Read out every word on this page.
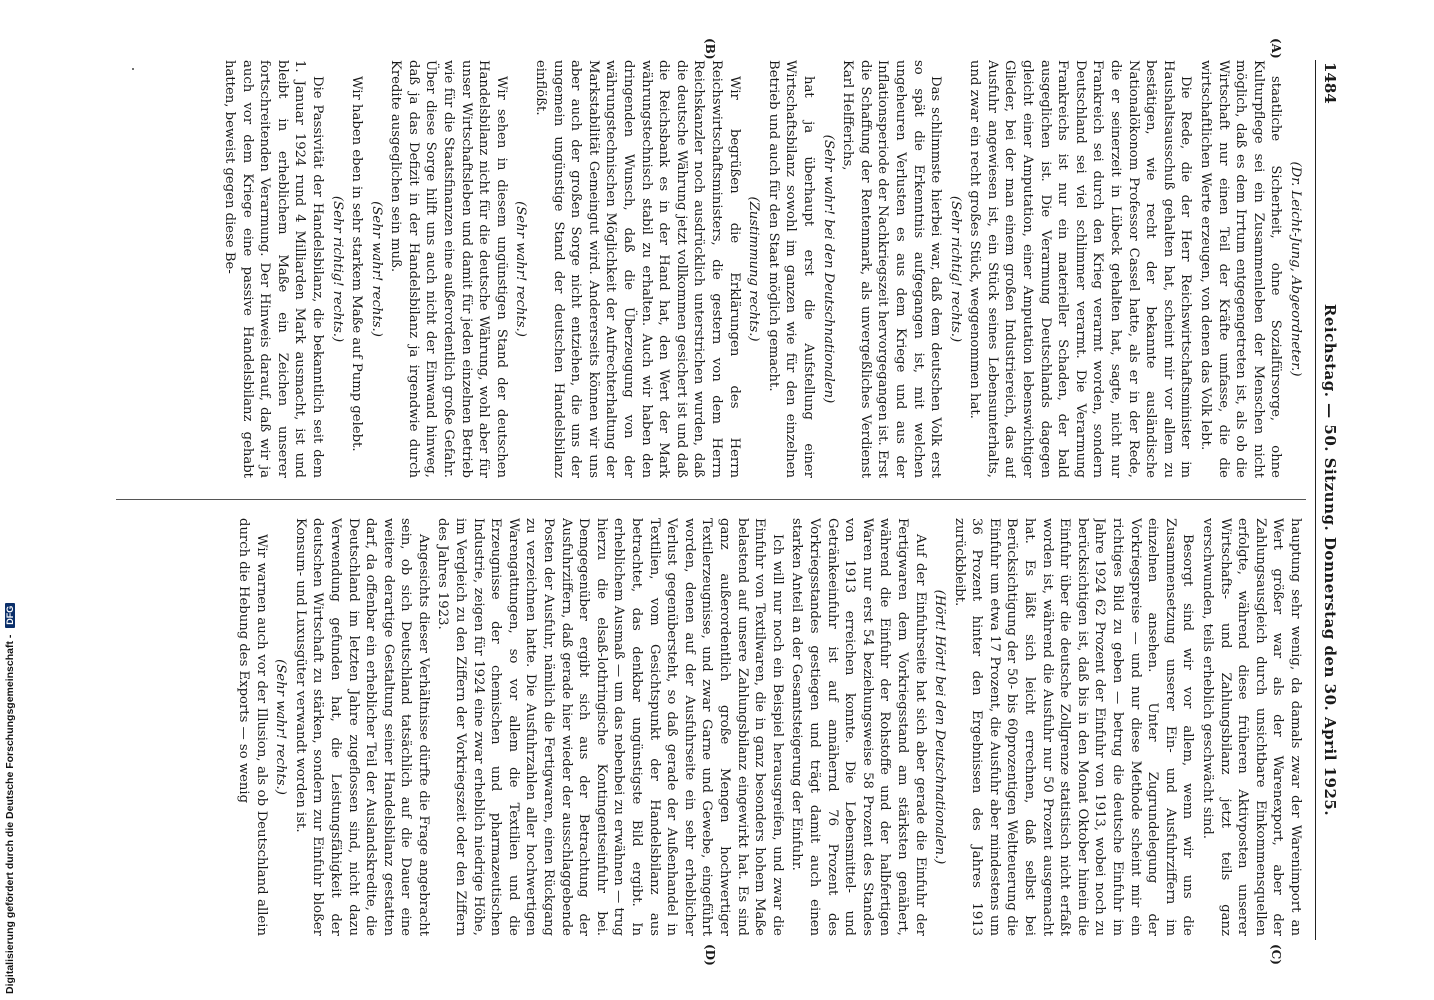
1484
Reichstag. — 50. Sitzung. Donnerstag den 30. April 1925.
(A)
(B)
(C)
(D)

(Dr. Leicht-Jung, Abgeordneter.)

staatliche Sicherheit, ohne Sozialfürsorge, ohne Kulturpflege sei ein Zusammenleben der Menschen nicht möglich, daß es dem Irrtum entgegengetreten ist, als ob die Wirtschaft nur einen Teil der Kräfte umfasse, die die wirtschaftlichen Werte erzeugen, von denen das Volk lebt.

Die Rede, die der Herr Reichswirtschaftsminister im Haushaltsausschuß gehalten hat, scheint mir vor allem zu bestätigen, wie recht der bekannte ausländische Nationalökonom Professor Cassel hatte, als er in der Rede, die er seinerzeit in Lübeck gehalten hat, sagte, nicht nur Frankreich sei durch den Krieg verarmt worden, sondern Deutschland sei viel schlimmer verarmt. Die Verarmung Frankreichs ist nur ein materieller Schaden, der bald ausgeglichen ist. Die Verarmung Deutschlands dagegen gleicht einer Amputation, einer Amputation lebenswichtiger Glieder, bei der man einem großen Industriereich, das auf Ausfuhr angewiesen ist, ein Stück seines Lebensunterhalts, und zwar ein recht großes Stück, weggenommen hat.

(Sehr richtig! rechts.)

Das schlimmste hierbei war, daß dem deutschen Volk erst so spät die Erkenntnis aufgegangen ist, mit welchen ungeheuren Verlusten es aus dem Kriege und aus der Inflationsperiode der Nachkriegszeit hervorgegangen ist. Erst die Schaffung der Rentenmark, als unvergeßliches Verdienst Karl Helfferichs,

(Sehr wahr! bei den Deutschnationalen)

hat ja überhaupt erst die Aufstellung einer Wirtschaftsbilanz sowohl im ganzen wie für den einzelnen Betrieb und auch für den Staat möglich gemacht.

(Zustimmung rechts.)

Wir begrüßen die Erklärungen des Herrn Reichswirtschaftsministers, die gestern von dem Herrn Reichskanzler noch ausdrücklich unterstrichen wurden, daß die deutsche Währung jetzt vollkommen gesichert ist und daß die Reichsbank es in der Hand hat, den Wert der Mark währungstechnisch stabil zu erhalten. Auch wir haben den dringenden Wunsch, daß die Überzeugung von der währungstechnischen Möglichkeit der Aufrechterhaltung der Markstabilität Gemeingut wird. Andererseits können wir uns aber auch der großen Sorge nicht entziehen, die uns der ungemein ungünstige Stand der deutschen Handelsbilanz einflößt.

(Sehr wahr! rechts.)

Wir sehen in diesem ungünstigen Stand der deutschen Handelsbilanz nicht für die deutsche Währung, wohl aber für unser Wirtschaftsleben und damit für jeden einzelnen Betrieb wie für die Staatsfinanzen eine außerordentlich große Gefahr. Über diese Sorge hilft uns auch nicht der Einwand hinweg, daß ja das Defizit in der Handelsbilanz ja irgendwie durch Kredite ausgeglichen sein muß.

(Sehr wahr! rechts.)

Wir haben eben in sehr starkem Maße auf Pump gelebt.

(Sehr richtig! rechts.)

Die Passivität der Handelsbilanz, die bekanntlich seit dem 1. Januar 1924 rund 4 Milliarden Mark ausmacht, ist und bleibt in erheblichem Maße ein Zeichen unserer fortschreitenden Verarmung. Der Hinweis darauf, daß wir ja auch vor dem Kriege eine passive Handelsbilanz gehabt hatten, beweist gegen diese Be-

hauptung sehr wenig, da damals zwar der Warenimport an Wert größer war als der Warenexport, aber der Zahlungsausgleich durch unsichtbare Einkommensquellen erfolgte, während diese früheren Aktivposten unserer Wirtschafts- und Zahlungsbilanz jetzt teils ganz verschwunden, teils erheblich geschwächt sind.

Besorgt sind wir vor allem, wenn wir uns die Zusammensetzung unserer Ein- und Ausfuhrziffern im einzelnen ansehen. Unter Zugrundelegung der Vorkriegspreise — und nur diese Methode scheint mir ein richtiges Bild zu geben — betrug die deutsche Einfuhr im Jahre 1924 62 Prozent der Einfuhr von 1913, wobei noch zu berücksichtigen ist, daß bis in den Monat Oktober hinein die Einfuhr über die deutsche Zollgrenze statistisch nicht erfaßt worden ist, während die Ausfuhr nur 50 Prozent ausgemacht hat. Es läßt sich leicht errechnen, daß selbst bei Berücksichtigung der 50- bis 60prozentigen Weltteuerung die Einfuhr um etwa 17 Prozent, die Ausfuhr aber mindestens um 36 Prozent hinter den Ergebnissen des Jahres 1913 zurückbleibt.

(Hört! Hört! bei den Deutschnationalen.)

Auf der Einfuhrseite hat sich aber gerade die Einfuhr der Fertigwaren dem Vorkriegsstand am stärksten genähert, während die Einfuhr der Rohstoffe und der halbfertigen Waren nur erst 54 beziehungsweise 58 Prozent des Standes von 1913 erreichen konnte. Die Lebensmittel- und Getränkeeinfuhr ist auf annähernd 76 Prozent des Vorkriegsstandes gestiegen und trägt damit auch einen starken Anteil an der Gesamtsteigerung der Einfuhr.

Ich will nur noch ein Beispiel herausgreifen, und zwar die Einfuhr von Textilwaren, die in ganz besonders hohem Maße belastend auf unsere Zahlungsbilanz eingewirkt hat. Es sind ganz außerordentlich große Mengen hochwertiger Textilerzeugnisse, und zwar Garne und Gewebe, eingeführt worden, denen auf der Ausfuhrseite ein sehr erheblicher Verlust gegenübersteht, so daß gerade der Außenhandel in Textilien, vom Gesichtspunkt der Handelsbilanz aus betrachtet, das denkbar ungünstigste Bild ergibt. In erheblichem Ausmaß — um das nebenbei zu erwähnen — trug hierzu die elsaß-lothringische Kontingentseinfuhr bei. Demgegenüber ergibt sich aus der Betrachtung der Ausfuhrziffern, daß gerade hier wieder der ausschlaggebende Posten der Ausfuhr, nämlich die Fertigwaren, einen Rückgang zu verzeichnen hatte. Die Ausfuhrzahlen aller hochwertigen Warengattungen, so vor allem die Textilien und die Erzeugnisse der chemischen und pharmazeutischen Industrie, zeigen für 1924 eine zwar erheblich niedrige Höhe, im Vergleich zu den Ziffern der Vorkriegszeit oder den Ziffern des Jahres 1923.

Angesichts dieser Verhältnisse dürfte die Frage angebracht sein, ob sich Deutschland tatsächlich auf die Dauer eine weitere derartige Gestaltung seiner Handelsbilanz gestatten darf, da offenbar ein erheblicher Teil der Auslandskredite, die Deutschland im letzten Jahre zugeflossen sind, nicht dazu Verwendung gefunden hat, die Leistungsfähigkeit der deutschen Wirtschaft zu stärken, sondern zur Einfuhr bloßer Konsum- und Luxusgüter verwandt worden ist.

(Sehr wahr! rechts.)

Wir warnen auch vor der Illusion, als ob Deutschland allein durch die Hebung des Exports — so wenig

Digitalisierung gefördert durch die Deutsche Forschungsgemeinschaft - DFG
